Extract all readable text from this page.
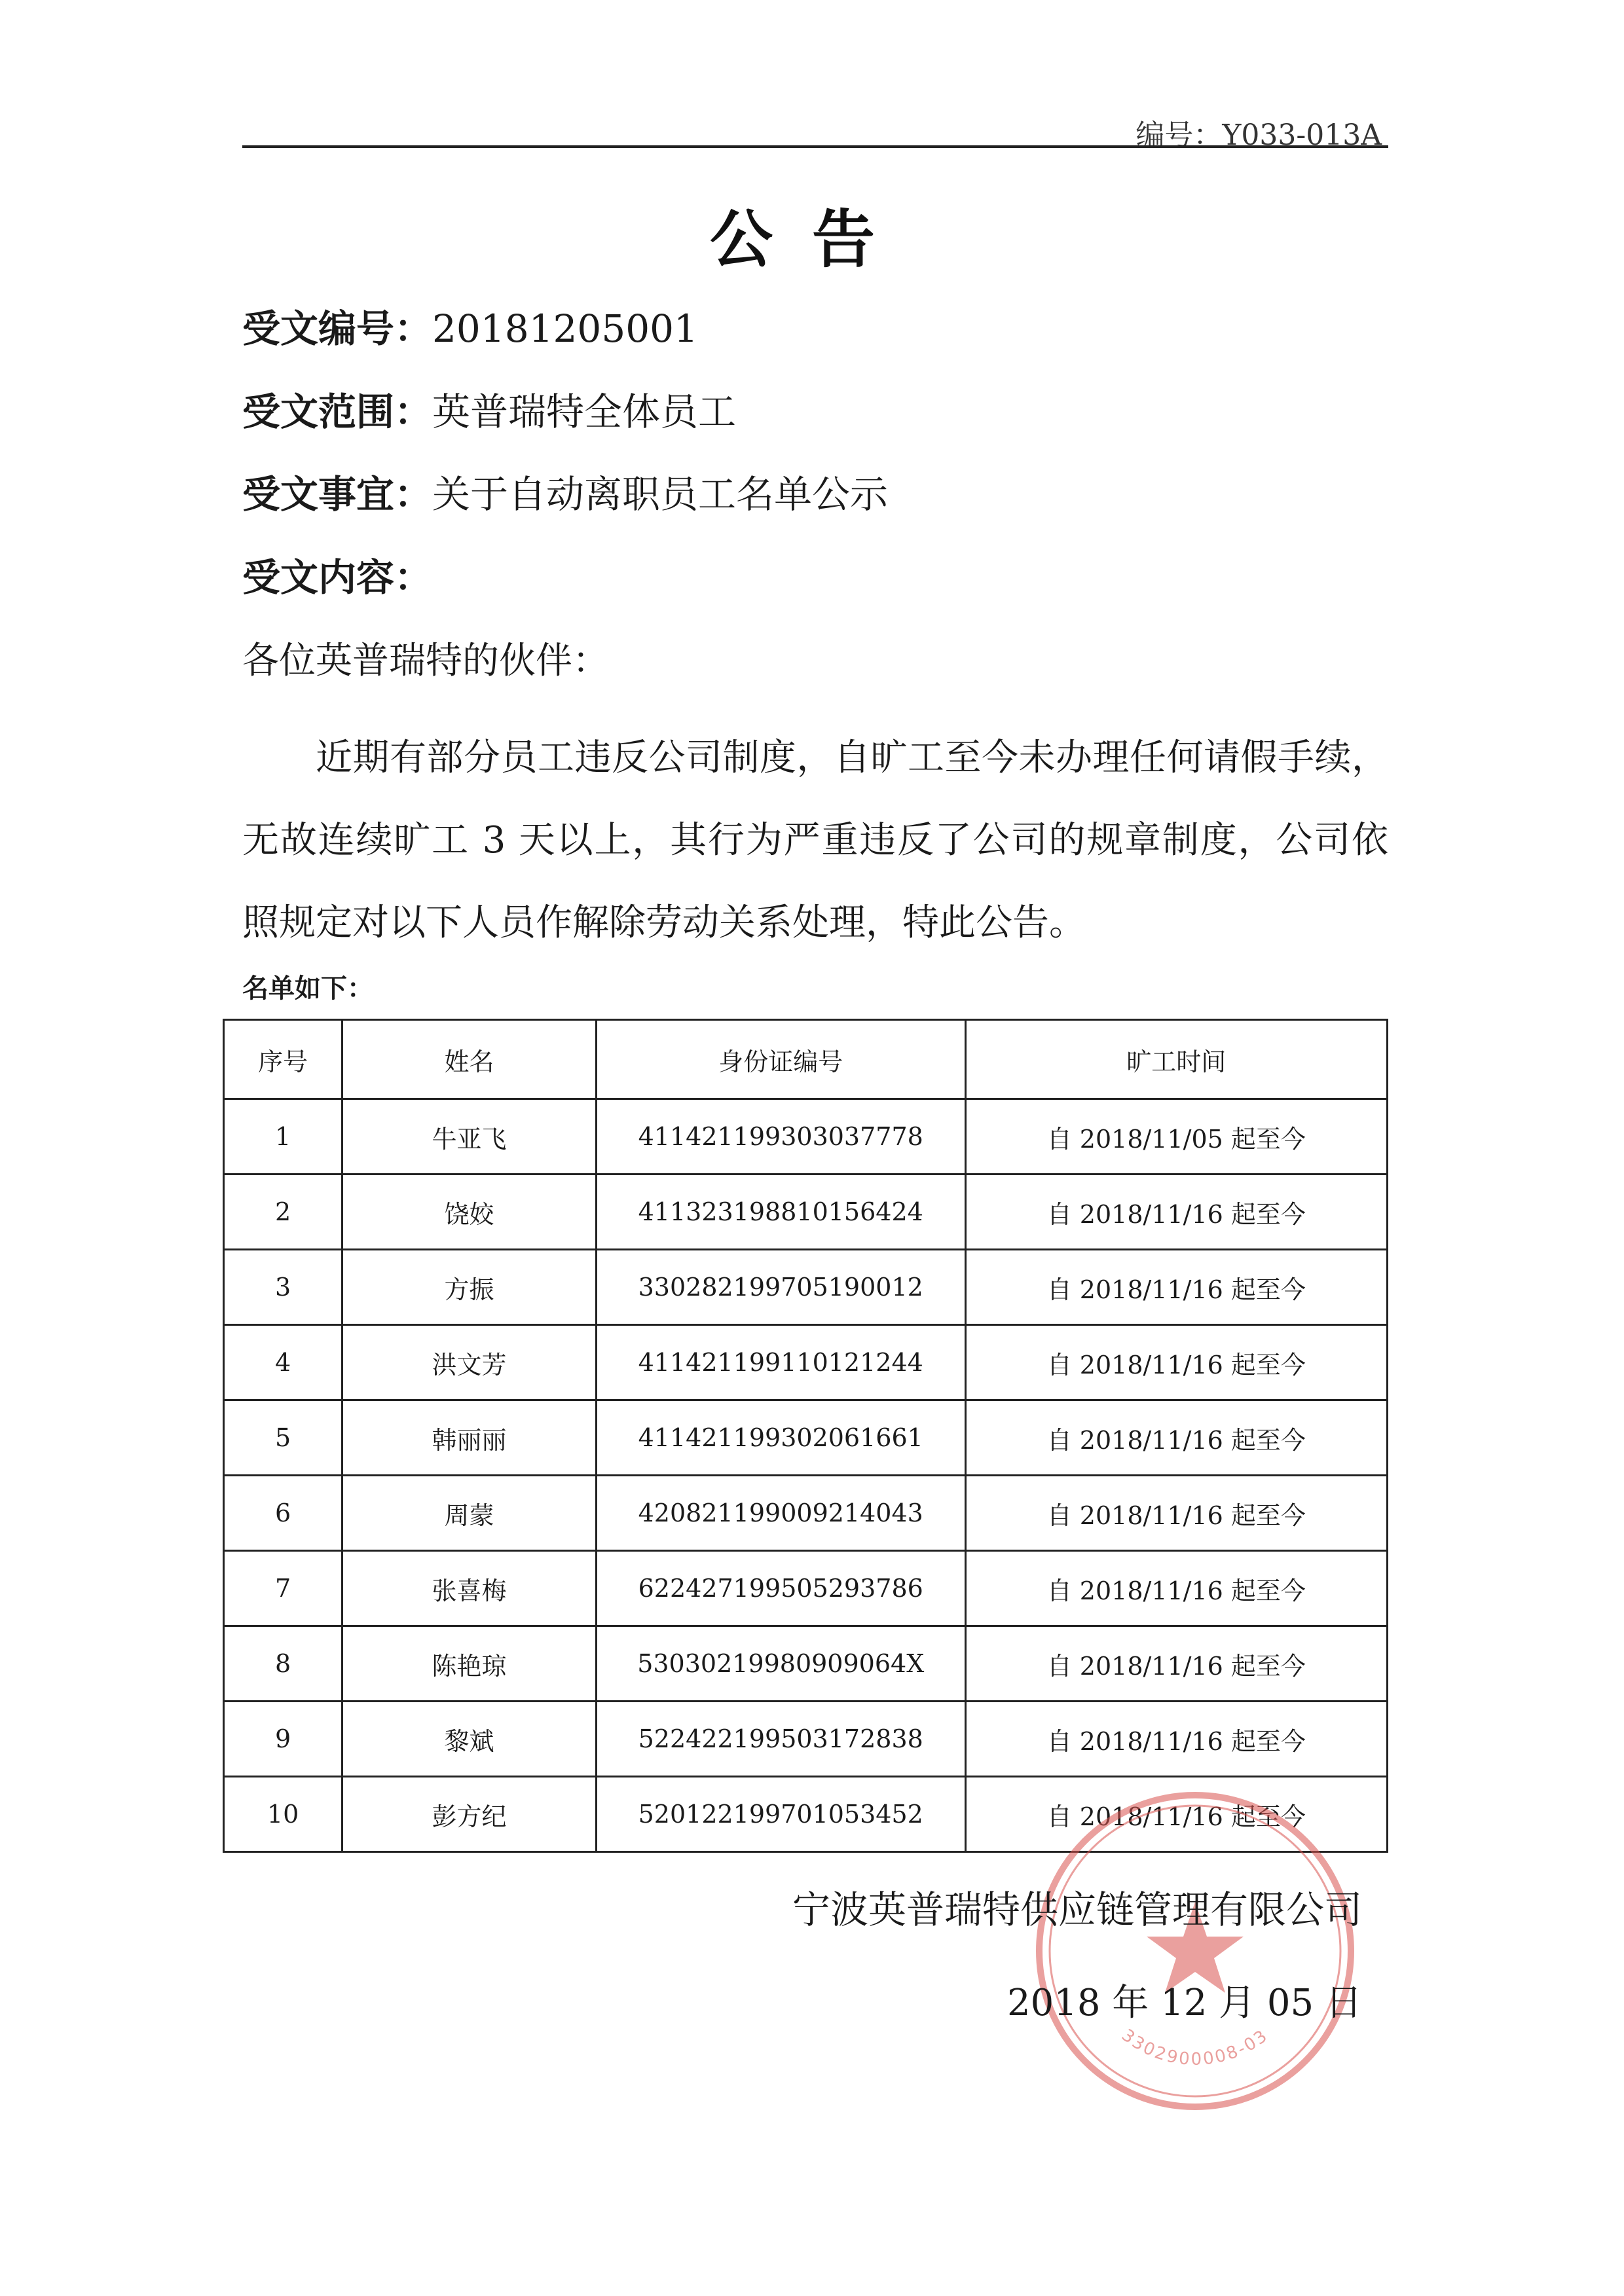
编号：Y033-013A
公告
受文编号：20181205001
受文范围：英普瑞特全体员工
受文事宜：关于自动离职员工名单公示
受文内容：
各位英普瑞特的伙伴：
近期有部分员工违反公司制度，自旷工至今未办理任何请假手续，无故连续旷工 3 天以上，其行为严重违反了公司的规章制度，公司依照规定对以下人员作解除劳动关系处理，特此公告。
名单如下：
序号	姓名	身份证编号	旷工时间
1	牛亚飞	411421199303037778	自 2018/11/05 起至今
2	饶姣	411323198810156424	自 2018/11/16 起至今
3	方振	330282199705190012	自 2018/11/16 起至今
4	洪文芳	411421199110121244	自 2018/11/16 起至今
5	韩丽丽	411421199302061661	自 2018/11/16 起至今
6	周蒙	420821199009214043	自 2018/11/16 起至今
7	张喜梅	622427199505293786	自 2018/11/16 起至今
8	陈艳琼	53030219980909064X	自 2018/11/16 起至今
9	黎斌	522422199503172838	自 2018/11/16 起至今
10	彭方纪	520122199701053452	自 2018/11/16 起至今
3302900008-03
宁波英普瑞特供应链管理有限公司
2018 年 12 月 05 日
